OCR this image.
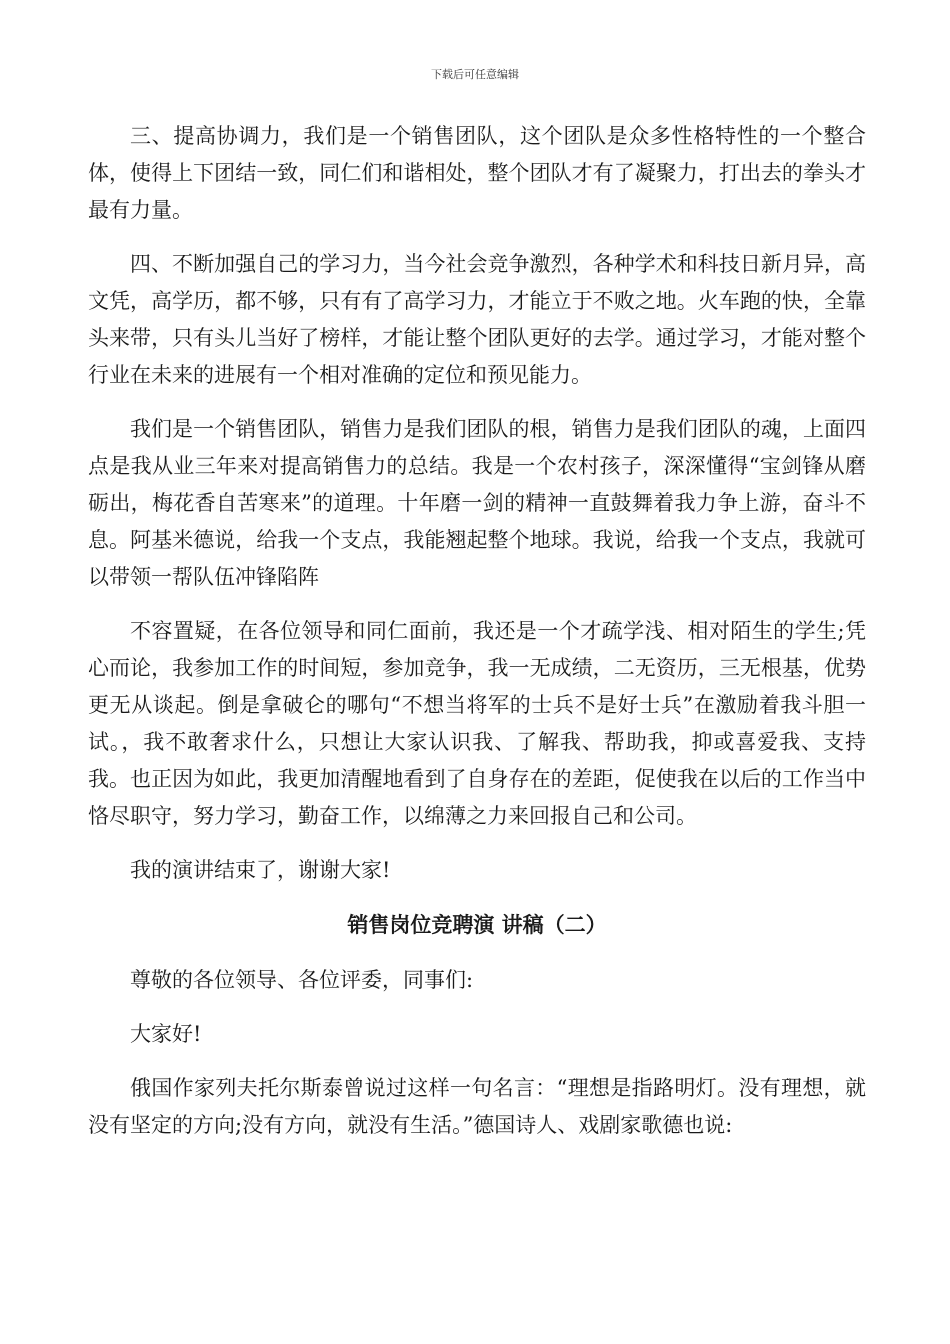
下载后可任意编辑

三、提高协调力，我们是一个销售团队，这个团队是众多性格特性的一个整合体，使得上下团结一致，同仁们和谐相处，整个团队才有了凝聚力，打出去的拳头才最有力量。

四、不断加强自己的学习力，当今社会竞争激烈，各种学术和科技日新月异，高文凭，高学历，都不够，只有有了高学习力，才能立于不败之地。火车跑的快，全靠头来带，只有头儿当好了榜样，才能让整个团队更好的去学。通过学习，才能对整个行业在未来的进展有一个相对准确的定位和预见能力。

我们是一个销售团队，销售力是我们团队的根，销售力是我们团队的魂，上面四点是我从业三年来对提高销售力的总结。我是一个农村孩子，深深懂得“宝剑锋从磨砺出，梅花香自苦寒来”的道理。十年磨一剑的精神一直鼓舞着我力争上游，奋斗不息。阿基米德说，给我一个支点，我能翘起整个地球。我说，给我一个支点，我就可以带领一帮队伍冲锋陷阵

不容置疑，在各位领导和同仁面前，我还是一个才疏学浅、相对陌生的学生;凭心而论，我参加工作的时间短，参加竞争，我一无成绩，二无资历，三无根基，优势更无从谈起。倒是拿破仑的哪句“不想当将军的士兵不是好士兵”在激励着我斗胆一试。，我不敢奢求什么，只想让大家认识我、了解我、帮助我，抑或喜爱我、支持我。也正因为如此，我更加清醒地看到了自身存在的差距，促使我在以后的工作当中恪尽职守，努力学习，勤奋工作，以绵薄之力来回报自己和公司。

我的演讲结束了，谢谢大家!

销售岗位竞聘演 讲稿（二）

尊敬的各位领导、各位评委，同事们:

大家好!

俄国作家列夫托尔斯泰曾说过这样一句名言：“理想是指路明灯。没有理想，就没有坚定的方向;没有方向，就没有生活。”德国诗人、戏剧家歌德也说:
